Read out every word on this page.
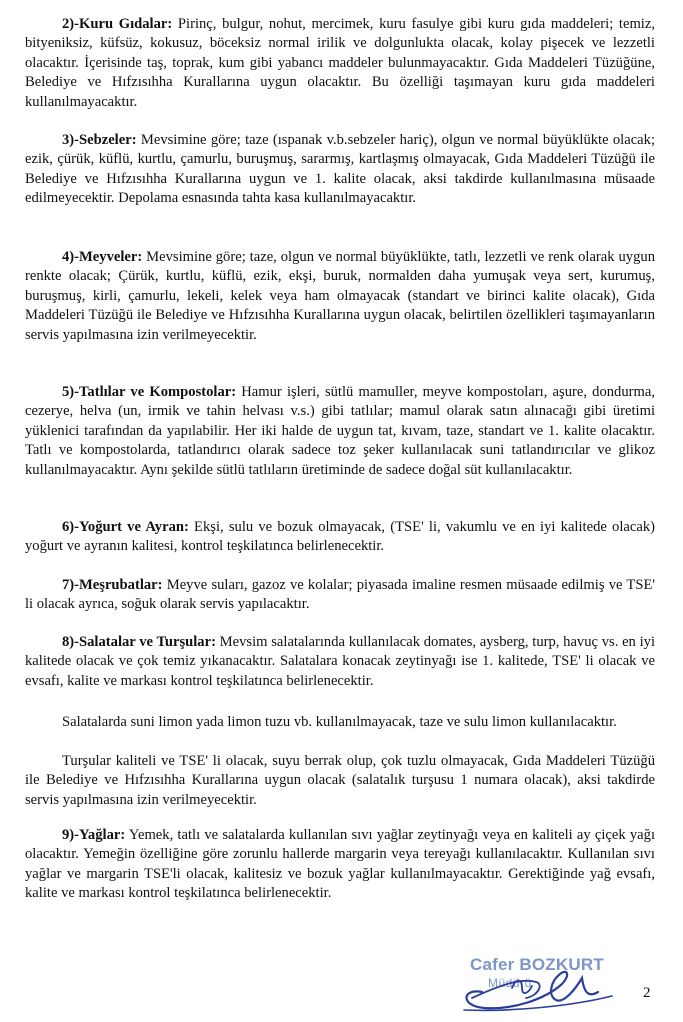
2)-Kuru Gıdalar: Pirinç, bulgur, nohut, mercimek, kuru fasulye gibi kuru gıda maddeleri; temiz, bityeniksiz, küfsüz, kokusuz, böceksiz normal irilik ve dolgunlukta olacak, kolay pişecek ve lezzetli olacaktır. İçerisinde taş, toprak, kum gibi yabancı maddeler bulunmayacaktır. Gıda Maddeleri Tüzüğüne, Belediye ve Hıfzısıhha Kurallarına uygun olacaktır. Bu özelliği taşımayan kuru gıda maddeleri kullanılmayacaktır.

3)-Sebzeler: Mevsimine göre; taze (ıspanak v.b.sebzeler hariç), olgun ve normal büyüklükte olacak; ezik, çürük, küflü, kurtlu, çamurlu, buruşmuş, sararmış, kartlaşmış olmayacak, Gıda Maddeleri Tüzüğü ile Belediye ve Hıfzısıhha Kurallarına uygun ve 1. kalite olacak, aksi takdirde kullanılmasına müsaade edilmeyecektir. Depolama esnasında tahta kasa kullanılmayacaktır.

4)-Meyveler: Mevsimine göre; taze, olgun ve normal büyüklükte, tatlı, lezzetli ve renk olarak uygun renkte olacak; Çürük, kurtlu, küflü, ezik, ekşi, buruk, normalden daha yumuşak veya sert, kurumuş, buruşmuş, kirli, çamurlu, lekeli, kelek veya ham olmayacak (standart ve birinci kalite olacak), Gıda Maddeleri Tüzüğü ile Belediye ve Hıfzısıhha Kurallarına uygun olacak, belirtilen özellikleri taşımayanların servis yapılmasına izin verilmeyecektir.

5)-Tatlılar ve Kompostolar: Hamur işleri, sütlü mamuller, meyve kompostoları, aşure, dondurma, cezerye, helva (un, irmik ve tahin helvası v.s.) gibi tatlılar; mamul olarak satın alınacağı gibi üretimi yüklenici tarafından da yapılabilir. Her iki halde de uygun tat, kıvam, taze, standart ve 1. kalite olacaktır. Tatlı ve kompostolarda, tatlandırıcı olarak sadece toz şeker kullanılacak suni tatlandırıcılar ve glikoz kullanılmayacaktır. Aynı şekilde sütlü tatlıların üretiminde de sadece doğal süt kullanılacaktır.

6)-Yoğurt ve Ayran: Ekşi, sulu ve bozuk olmayacak, (TSE' li, vakumlu ve en iyi kalitede olacak) yoğurt ve ayranın kalitesi, kontrol teşkilatınca belirlenecektir.

7)-Meşrubatlar: Meyve suları, gazoz ve kolalar; piyasada imaline resmen müsaade edilmiş ve TSE' li olacak ayrıca, soğuk olarak servis yapılacaktır.

8)-Salatalar ve Turşular: Mevsim salatalarında kullanılacak domates, aysberg, turp, havuç vs. en iyi kalitede olacak ve çok temiz yıkanacaktır. Salatalara konacak zeytinyağı ise 1. kalitede, TSE' li olacak ve evsafı, kalite ve markası kontrol teşkilatınca belirlenecektir.

Salatalarda suni limon yada limon tuzu vb. kullanılmayacak, taze ve sulu limon kullanılacaktır.

Turşular kaliteli ve TSE' li olacak, suyu berrak olup, çok tuzlu olmayacak, Gıda Maddeleri Tüzüğü ile Belediye ve Hıfzısıhha Kurallarına uygun olacak (salatalık turşusu 1 numara olacak), aksi takdirde servis yapılmasına izin verilmeyecektir.

9)-Yağlar: Yemek, tatlı ve salatalarda kullanılan sıvı yağlar zeytinyağı veya en kaliteli ay çiçek yağı olacaktır. Yemeğin özelliğine göre zorunlu hallerde margarin veya tereyağı kullanılacaktır. Kullanılan sıvı yağlar ve margarin TSE'li olacak, kalitesiz ve bozuk yağlar kullanılmayacaktır. Gerektiğinde yağ evsafı, kalite ve markası kontrol teşkilatınca belirlenecektir.

Cafer BOZKURT
Müdürü
2
